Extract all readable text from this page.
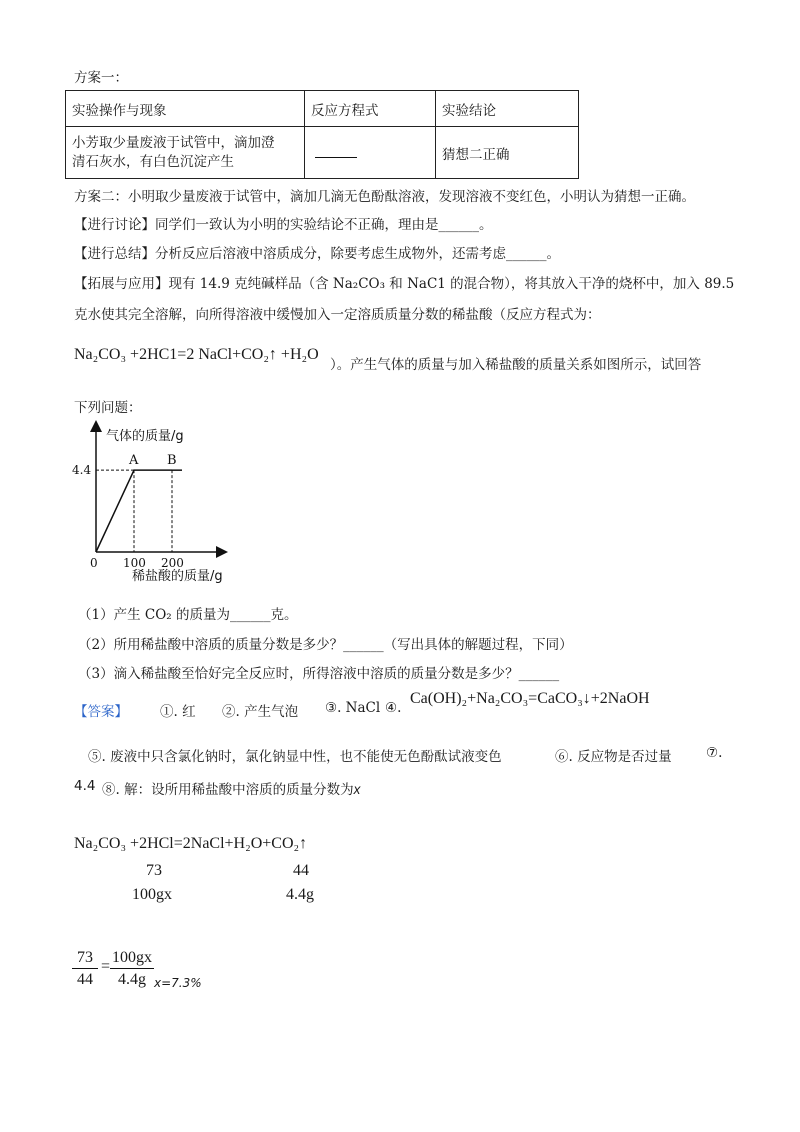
方案一：
实验操作与现象	反应方程式	实验结论

小芳取少量废液于试管中，滴加澄
清石灰水，有白色沉淀产生		猜想二正确
方案二：小明取少量废液于试管中，滴加几滴无色酚酞溶液，发现溶液不变红色，小明认为猜想一正确。
【进行讨论】同学们一致认为小明的实验结论不正确，理由是______。
【进行总结】分析反应后溶液中溶质成分，除要考虑生成物外，还需考虑______。
【拓展与应用】现有 14.9 克纯碱样品（含 Na₂CO₃ 和 NaC1 的混合物），将其放入干净的烧杯中，加入 89.5
克水使其完全溶解，向所得溶液中缓慢加入一定溶质质量分数的稀盐酸（反应方程式为：
Na₂CO₃ +2HC1=2 NaCl+CO₂↑ +H₂O
）。产生气体的质量与加入稀盐酸的质量关系如图所示，试回答
下列问题：
气体的质量/g
稀盐酸的质量/g
A B
0 100 200
4.4
（1）产生 CO₂ 的质量为______克。
（2）所用稀盐酸中溶质的质量分数是多少？______（写出具体的解题过程，下同）
（3）滴入稀盐酸至恰好完全反应时，所得溶液中溶质的质量分数是多少？______
【答案】 ①. 红 ②. 产生气泡 ③. NaCl ④.
Ca(OH)₂+Na₂CO₃=CaCO₃↓+2NaOH
⑤. 废液中只含氯化钠时，氯化钠显中性，也不能使无色酚酞试液变色	⑥. 反应物是否过量	⑦.
4.4 ⑧. 解：设所用稀盐酸中溶质的质量分数为x
Na₂CO₃ +2HCl=2NaCl+H₂O+CO₂↑
73	44
100gx	4.4g
$\frac{73}{44} = \frac{100gx}{4.4g} x=7.3\%$
